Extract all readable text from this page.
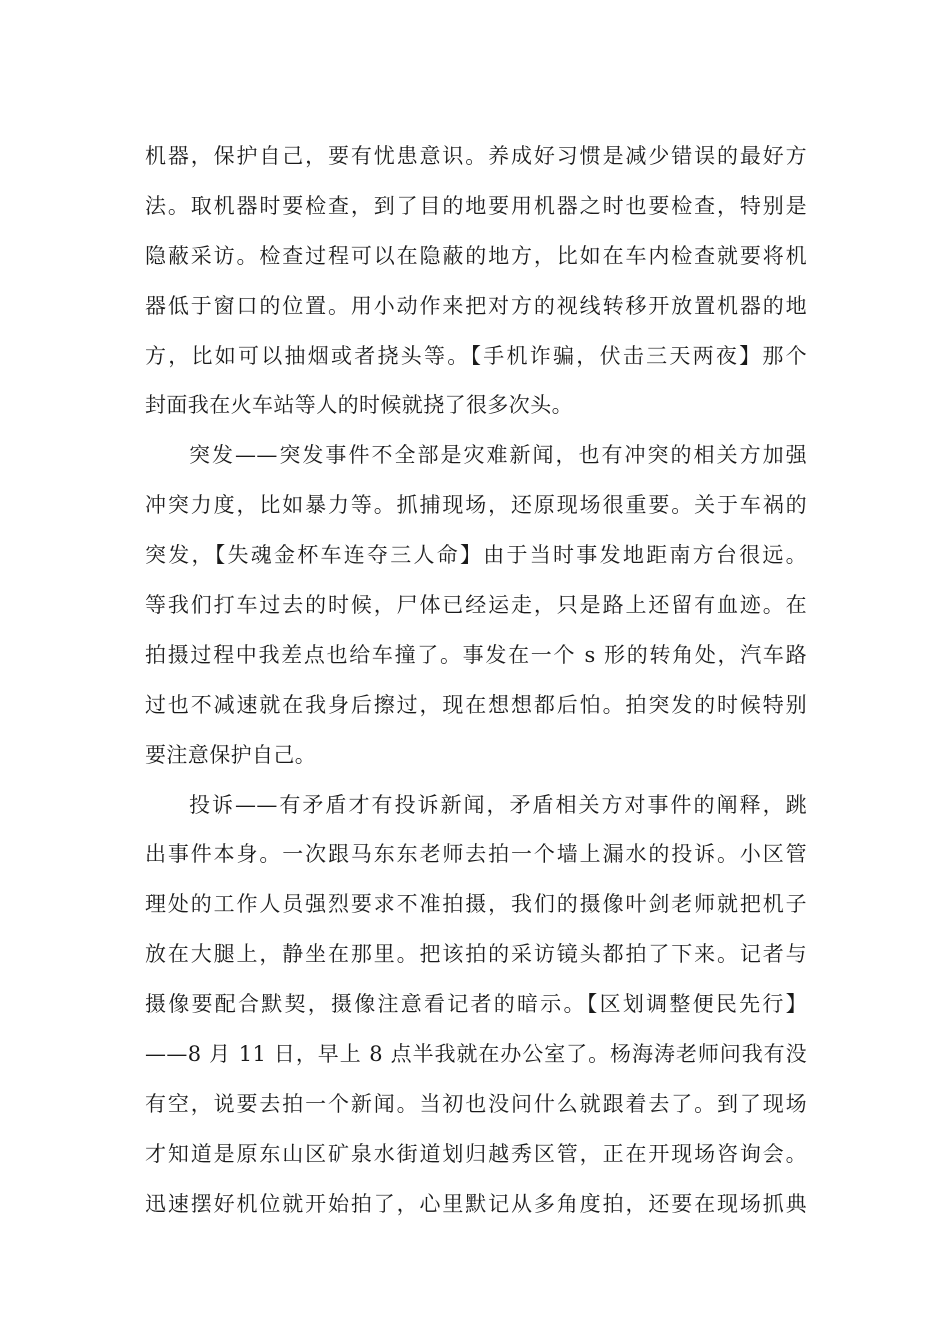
机器，保护自己，要有忧患意识。养成好习惯是减少错误的最好方
法。取机器时要检查，到了目的地要用机器之时也要检查，特别是
隐蔽采访。检查过程可以在隐蔽的地方，比如在车内检查就要将机
器低于窗口的位置。用小动作来把对方的视线转移开放置机器的地
方，比如可以抽烟或者挠头等。【手机诈骗，伏击三天两夜】那个
封面我在火车站等人的时候就挠了很多次头。
突发——突发事件不全部是灾难新闻，也有冲突的相关方加强
冲突力度，比如暴力等。抓捕现场，还原现场很重要。关于车祸的
突发，【失魂金杯车连夺三人命】由于当时事发地距南方台很远。
等我们打车过去的时候，尸体已经运走，只是路上还留有血迹。在
拍摄过程中我差点也给车撞了。事发在一个 s 形的转角处，汽车路
过也不减速就在我身后擦过，现在想想都后怕。拍突发的时候特别
要注意保护自己。
投诉——有矛盾才有投诉新闻，矛盾相关方对事件的阐释，跳
出事件本身。一次跟马东东老师去拍一个墙上漏水的投诉。小区管
理处的工作人员强烈要求不准拍摄，我们的摄像叶剑老师就把机子
放在大腿上，静坐在那里。把该拍的采访镜头都拍了下来。记者与
摄像要配合默契，摄像注意看记者的暗示。【区划调整便民先行】
——8 月 11 日，早上 8 点半我就在办公室了。杨海涛老师问我有没
有空，说要去拍一个新闻。当初也没问什么就跟着去了。到了现场
才知道是原东山区矿泉水街道划归越秀区管，正在开现场咨询会。
迅速摆好机位就开始拍了，心里默记从多角度拍，还要在现场抓典
